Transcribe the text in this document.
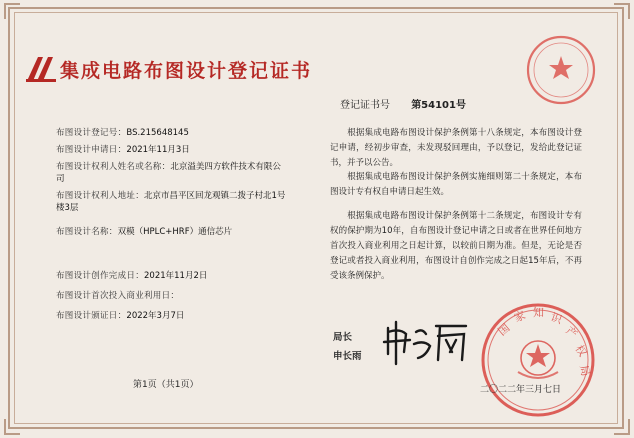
集成电路布图设计登记证书
登记证书号 第54101号
布图设计登记号：BS.215648145
布图设计申请日：2021年11月3日
布图设计权利人姓名或名称：北京溢美四方软件技术有限公司
布图设计权利人地址：北京市昌平区回龙观镇二拨子村北1号楼3层
布图设计名称：双模（HPLC+HRF）通信芯片
布图设计创作完成日：2021年11月2日
布图设计首次投入商业利用日：
布图设计颁证日：2022年3月7日
根据集成电路布图设计保护条例第十八条规定，本布图设计登记申请，经初步审查，未发现驳回理由，予以登记，发给此登记证书，并予以公告。
根据集成电路布图设计保护条例实施细则第二十条规定，本布图设计专有权自申请日起生效。
根据集成电路布图设计保护条例第十二条规定，布图设计专有权的保护期为10年，自布图设计登记申请之日或者在世界任何地方首次投入商业利用之日起计算，以较前日期为准。但是，无论是否登记或者投入商业利用，布图设计自创作完成之日起15年后，不再受该条例保护。
局长
申长雨
国
家 知 识
产
权
局
第1页（共1页）	二〇二二年三月七日
